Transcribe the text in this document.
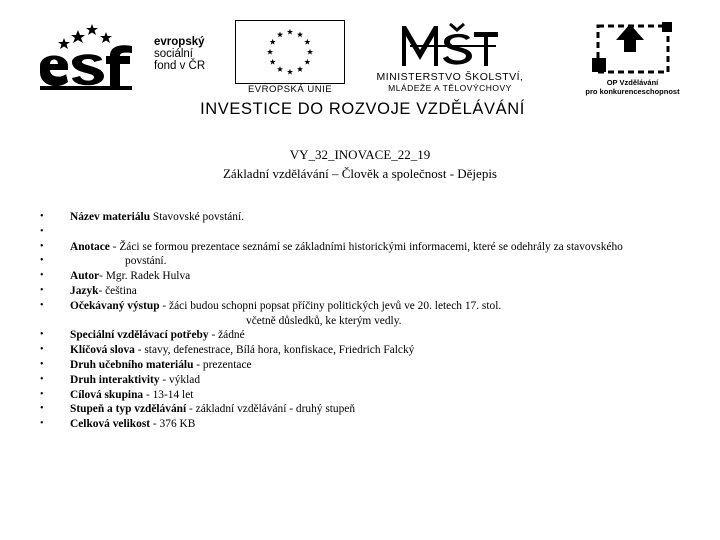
evropský
sociální
fond v ČR
EVROPSKÁ UNIE
MINISTERSTVO ŠKOLSTVÍ,
MLÁDEŽE A TĚLOVÝCHOVY
OP Vzdělávání
pro konkurenceschopnost
INVESTICE DO ROZVOJE VZDĚLÁVÁNÍ
VY_32_INOVACE_22_19
Základní vzdělávání – Člověk a společnost - Dějepis
• Název materiálu Stavovské povstání.
•
• Anotace - Žáci se formou prezentace seznámí se základními historickými informacemi, které se odehrály za stavovského
• povstání.
• Autor- Mgr. Radek Hulva
• Jazyk- čeština
• Očekávaný výstup - žáci budou schopni popsat příčiny politických jevů ve 20. letech 17. stol.
včetně důsledků, ke kterým vedly.
• Speciální vzdělávací potřeby - žádné
• Klíčová slova - stavy, defenestrace, Bílá hora, konfiskace, Friedrich Falcký
• Druh učebního materiálu - prezentace
• Druh interaktivity - výklad
• Cílová skupina - 13-14 let
• Stupeň a typ vzdělávání - základní vzdělávání - druhý stupeň
• Celková velikost - 376 KB
